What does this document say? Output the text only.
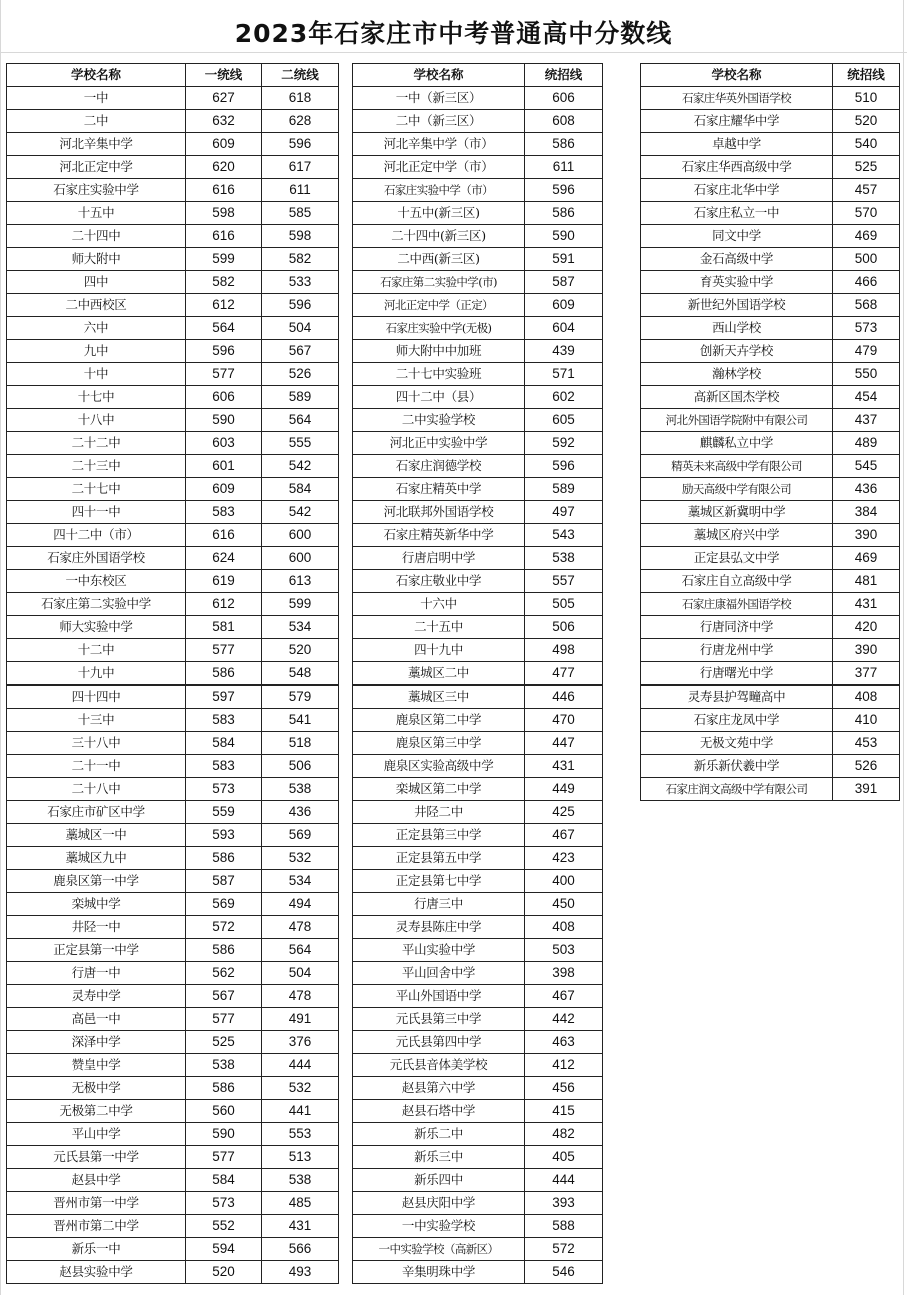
2023年石家庄市中考普通高中分数线
学校名称	一统线	二统线
一中	627	618
二中	632	628
河北辛集中学	609	596
河北正定中学	620	617
石家庄实验中学	616	611
十五中	598	585
二十四中	616	598
师大附中	599	582
四中	582	533
二中西校区	612	596
六中	564	504
九中	596	567
十中	577	526
十七中	606	589
十八中	590	564
二十二中	603	555
二十三中	601	542
二十七中	609	584
四十一中	583	542
四十二中（市）	616	600
石家庄外国语学校	624	600
一中东校区	619	613
石家庄第二实验中学	612	599
师大实验中学	581	534
十二中	577	520
十九中	586	548
四十四中	597	579
十三中	583	541
三十八中	584	518
二十一中	583	506
二十八中	573	538
石家庄市矿区中学	559	436
藁城区一中	593	569
藁城区九中	586	532
鹿泉区第一中学	587	534
栾城中学	569	494
井陉一中	572	478
正定县第一中学	586	564
行唐一中	562	504
灵寿中学	567	478
高邑一中	577	491
深泽中学	525	376
赞皇中学	538	444
无极中学	586	532
无极第二中学	560	441
平山中学	590	553
元氏县第一中学	577	513
赵县中学	584	538
晋州市第一中学	573	485
晋州市第二中学	552	431
新乐一中	594	566
赵县实验中学	520	493
学校名称	统招线
一中（新三区）	606
二中（新三区）	608
河北辛集中学（市）	586
河北正定中学（市）	611
石家庄实验中学（市）	596
十五中(新三区)	586
二十四中(新三区)	590
二中西(新三区)	591
石家庄第二实验中学(市)	587
河北正定中学（正定）	609
石家庄实验中学(无极)	604
师大附中中加班	439
二十七中实验班	571
四十二中（县）	602
二中实验学校	605
河北正中实验中学	592
石家庄润德学校	596
石家庄精英中学	589
河北联邦外国语学校	497
石家庄精英新华中学	543
行唐启明中学	538
石家庄敬业中学	557
十六中	505
二十五中	506
四十九中	498
藁城区二中	477
藁城区三中	446
鹿泉区第二中学	470
鹿泉区第三中学	447
鹿泉区实验高级中学	431
栾城区第二中学	449
井陉二中	425
正定县第三中学	467
正定县第五中学	423
正定县第七中学	400
行唐三中	450
灵寿县陈庄中学	408
平山实验中学	503
平山回舍中学	398
平山外国语中学	467
元氏县第三中学	442
元氏县第四中学	463
元氏县音体美学校	412
赵县第六中学	456
赵县石塔中学	415
新乐二中	482
新乐三中	405
新乐四中	444
赵县庆阳中学	393
一中实验学校	588
一中实验学校（高新区）	572
辛集明珠中学	546
学校名称	统招线
石家庄华英外国语学校	510
石家庄耀华中学	520
卓越中学	540
石家庄华西高级中学	525
石家庄北华中学	457
石家庄私立一中	570
同文中学	469
金石高级中学	500
育英实验中学	466
新世纪外国语学校	568
西山学校	573
创新天卉学校	479
瀚林学校	550
高新区国杰学校	454
河北外国语学院附中有限公司	437
麒麟私立中学	489
精英未来高级中学有限公司	545
励天高级中学有限公司	436
藁城区新冀明中学	384
藁城区府兴中学	390
正定县弘文中学	469
石家庄自立高级中学	481
石家庄康福外国语学校	431
行唐同济中学	420
行唐龙州中学	390
行唐曙光中学	377
灵寿县护驾疃高中	408
石家庄龙凤中学	410
无极文苑中学	453
新乐新伏羲中学	526
石家庄润文高级中学有限公司	391
